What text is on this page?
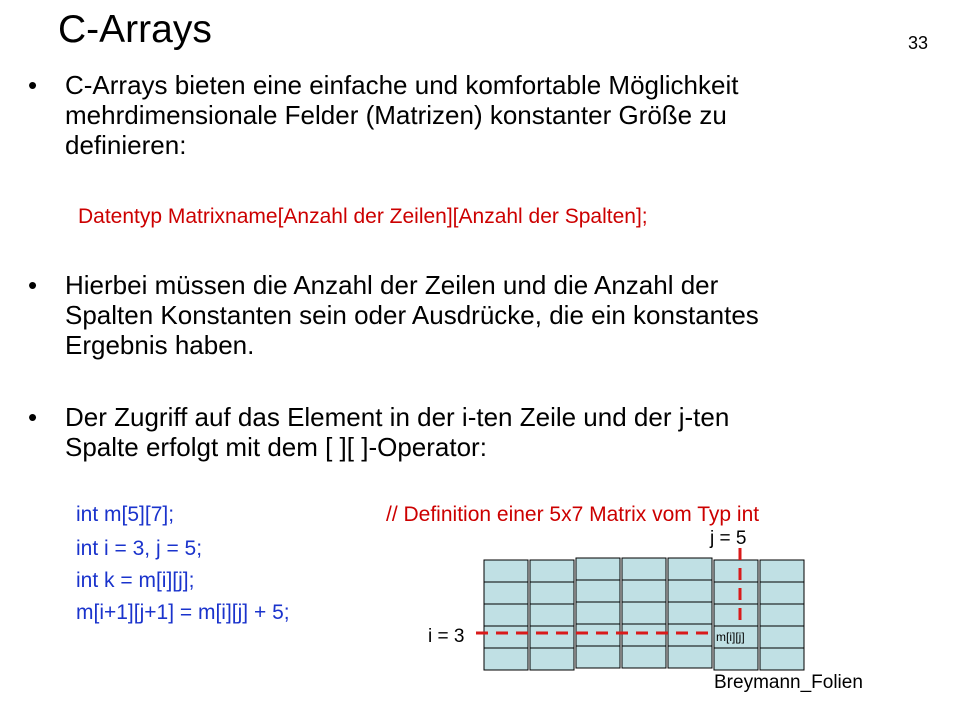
C-Arrays	33
•	C-Arrays bieten eine einfache und komfortable Möglichkeit
mehrdimensionale Felder (Matrizen) konstanter Größe zu
definieren:
•	Hierbei müssen die Anzahl der Zeilen und die Anzahl der
Spalten Konstanten sein oder Ausdrücke, die ein konstantes
Ergebnis haben.
•	Der Zugriff auf das Element in der i-ten Zeile und der j-ten
Spalte erfolgt mit dem [ ][ ]-Operator:
Datentyp Matrixname[Anzahl der Zeilen][Anzahl der Spalten];
int m[5][7];
int i = 3, j = 5;
int k = m[i][j];
m[i+1][j+1] = m[i][j] + 5;
// Definition einer 5x7 Matrix vom Typ int
j = 5
i = 3	m[i][j]
Breymann_Folien
